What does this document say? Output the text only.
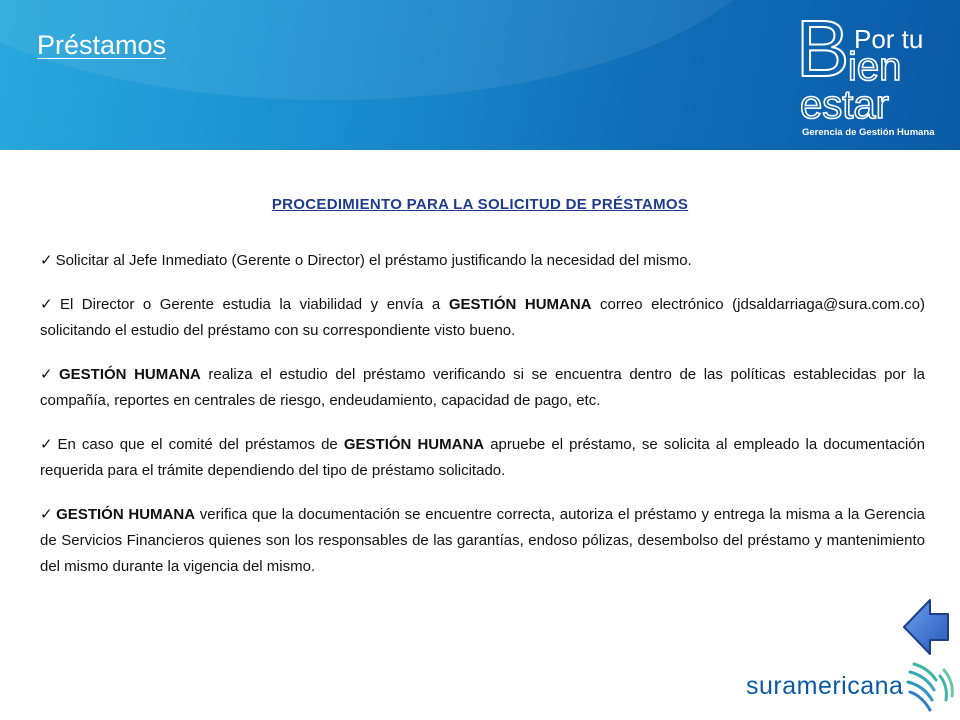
Préstamos	B Por tu
ien
estar
Gerencia de Gestión Humana
PROCEDIMIENTO PARA LA SOLICITUD DE PRÉSTAMOS

✓ Solicitar al Jefe Inmediato (Gerente o Director) el préstamo justificando la necesidad del mismo.

✓ El Director o Gerente estudia la viabilidad y envía a GESTIÓN HUMANA correo electrónico (jdsaldarriaga@sura.com.co) solicitando el estudio del préstamo con su correspondiente visto bueno.

✓ GESTIÓN HUMANA realiza el estudio del préstamo verificando si se encuentra dentro de las políticas establecidas por la compañía, reportes en centrales de riesgo, endeudamiento, capacidad de pago, etc.

✓ En caso que el comité del préstamos de GESTIÓN HUMANA apruebe el préstamo, se solicita al empleado la documentación requerida para el trámite dependiendo del tipo de préstamo solicitado.

✓ GESTIÓN HUMANA verifica que la documentación se encuentre correcta, autoriza el préstamo y entrega la misma a la Gerencia de Servicios Financieros quienes son los responsables de las garantías, endoso pólizas, desembolso del préstamo y mantenimiento del mismo durante la vigencia del mismo.

suramericana
